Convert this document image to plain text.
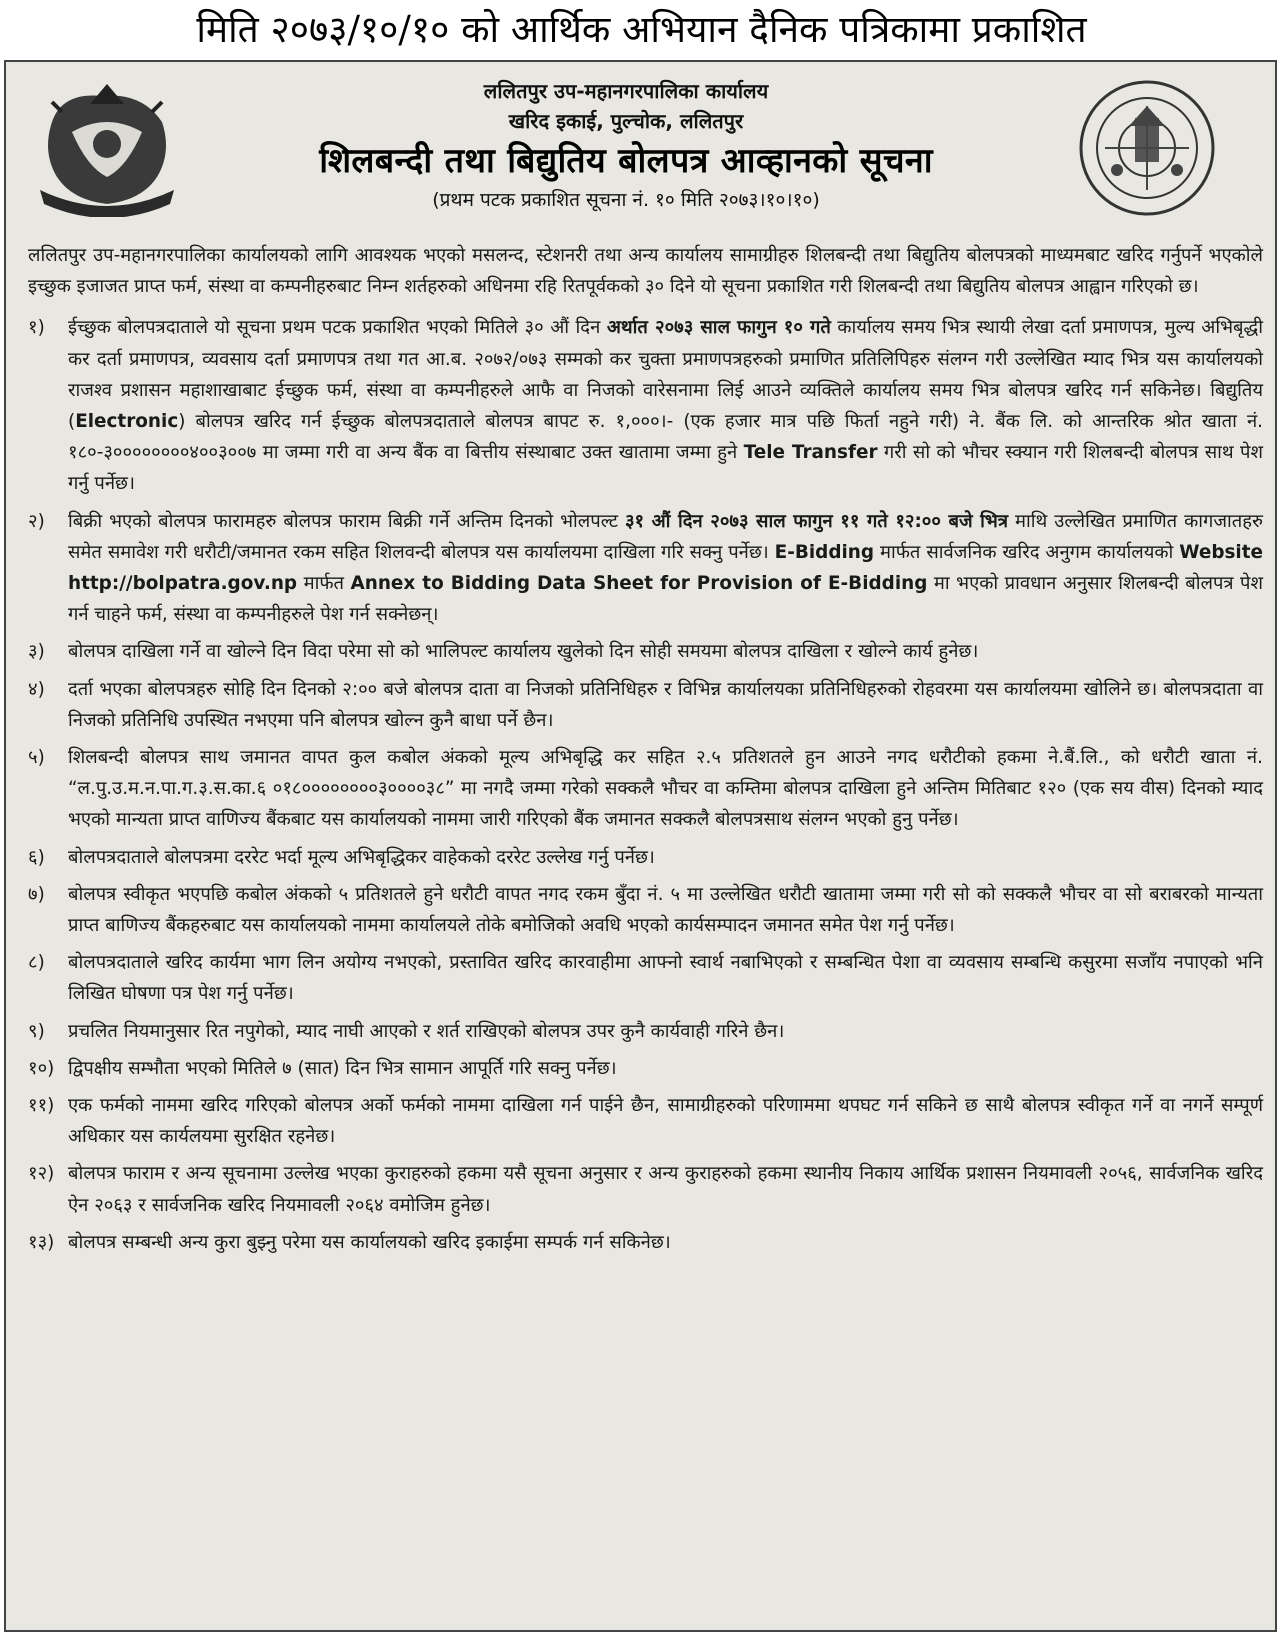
मिति २०७३/१०/१० को आर्थिक अभियान दैनिक पत्रिकामा प्रकाशित
ललितपुर उप-महानगरपालिका कार्यालय
खरिद इकाई, पुल्चोक, ललितपुर
शिलबन्दी तथा बिद्युतिय बोलपत्र आव्हानको सूचना
(प्रथम पटक प्रकाशित सूचना नं. १० मिति २०७३।१०।१०)

ललितपुर उप-महानगरपालिका कार्यालयको लागि आवश्यक भएको मसलन्द, स्टेशनरी तथा अन्य कार्यालय सामाग्रीहरु शिलबन्दी तथा बिद्युतिय बोलपत्रको माध्यमबाट खरिद गर्नुपर्ने भएकोले इच्छुक इजाजत प्राप्त फर्म, संस्था वा कम्पनीहरुबाट निम्न शर्तहरुको अधिनमा रहि रितपूर्वकको ३० दिने यो सूचना प्रकाशित गरी शिलबन्दी तथा बिद्युतिय बोलपत्र आह्वान गरिएको छ।

१)	ईच्छुक बोलपत्रदाताले यो सूचना प्रथम पटक प्रकाशित भएको मितिले ३० औं दिन अर्थात २०७३ साल फागुन १० गते कार्यालय समय भित्र स्थायी लेखा दर्ता प्रमाणपत्र, मुल्य अभिबृद्धी कर दर्ता प्रमाणपत्र, व्यवसाय दर्ता प्रमाणपत्र तथा गत आ.ब. २०७२/०७३ सम्मको कर चुक्ता प्रमाणपत्रहरुको प्रमाणित प्रतिलिपिहरु संलग्न गरी उल्लेखित म्याद भित्र यस कार्यालयको राजश्व प्रशासन महाशाखाबाट ईच्छुक फर्म, संस्था वा कम्पनीहरुले आफै वा निजको वारेसनामा लिई आउने व्यक्तिले कार्यालय समय भित्र बोलपत्र खरिद गर्न सकिनेछ। बिद्युतिय (Electronic) बोलपत्र खरिद गर्न ईच्छुक बोलपत्रदाताले बोलपत्र बापट रु. १,०००।- (एक हजार मात्र पछि फिर्ता नहुने गरी) ने. बैंक लि. को आन्तरिक श्रोत खाता नं. १८०-३००००००००४००३००७ मा जम्मा गरी वा अन्य बैंक वा बित्तीय संस्थाबाट उक्त खातामा जम्मा हुने Tele Transfer गरी सो को भौचर स्क्यान गरी शिलबन्दी बोलपत्र साथ पेश गर्नु पर्नेछ।
२)	बिक्री भएको बोलपत्र फारामहरु बोलपत्र फाराम बिक्री गर्ने अन्तिम दिनको भोलपल्ट ३१ औं दिन २०७३ साल फागुन ११ गते १२:०० बजे भित्र माथि उल्लेखित प्रमाणित कागजातहरु समेत समावेश गरी धरौटी/जमानत रकम सहित शिलवन्दी बोलपत्र यस कार्यालयमा दाखिला गरि सक्नु पर्नेछ। E-Bidding मार्फत सार्वजनिक खरिद अनुगम कार्यालयको Website http://bolpatra.gov.np मार्फत Annex to Bidding Data Sheet for Provision of E-Bidding मा भएको प्रावधान अनुसार शिलबन्दी बोलपत्र पेश गर्न चाहने फर्म, संस्था वा कम्पनीहरुले पेश गर्न सक्नेछन्।
३)	बोलपत्र दाखिला गर्ने वा खोल्ने दिन विदा परेमा सो को भालिपल्ट कार्यालय खुलेको दिन सोही समयमा बोलपत्र दाखिला र खोल्ने कार्य हुनेछ।
४)	दर्ता भएका बोलपत्रहरु सोहि दिन दिनको २:०० बजे बोलपत्र दाता वा निजको प्रतिनिधिहरु र विभिन्न कार्यालयका प्रतिनिधिहरुको रोहवरमा यस कार्यालयमा खोलिने छ। बोलपत्रदाता वा निजको प्रतिनिधि उपस्थित नभएमा पनि बोलपत्र खोल्न कुनै बाधा पर्ने छैन।
५)	शिलबन्दी बोलपत्र साथ जमानत वापत कुल कबोल अंकको मूल्य अभिबृद्धि कर सहित २.५ प्रतिशतले हुन आउने नगद धरौटीको हकमा ने.बैं.लि., को धरौटी खाता नं. “ल.पु.उ.म.न.पा.ग.३.स.का.६ ०१८००००००००३००००३८” मा नगदै जम्मा गरेको सक्कलै भौचर वा कम्तिमा बोलपत्र दाखिला हुने अन्तिम मितिबाट १२० (एक सय वीस) दिनको म्याद भएको मान्यता प्राप्त वाणिज्य बैंकबाट यस कार्यालयको नाममा जारी गरिएको बैंक जमानत सक्कलै बोलपत्रसाथ संलग्न भएको हुनु पर्नेछ।
६)	बोलपत्रदाताले बोलपत्रमा दररेट भर्दा मूल्य अभिबृद्धिकर वाहेकको दररेट उल्लेख गर्नु पर्नेछ।
७)	बोलपत्र स्वीकृत भएपछि कबोल अंकको ५ प्रतिशतले हुने धरौटी वापत नगद रकम बुँदा नं. ५ मा उल्लेखित धरौटी खातामा जम्मा गरी सो को सक्कलै भौचर वा सो बराबरको मान्यता प्राप्त बाणिज्य बैंकहरुबाट यस कार्यालयको नाममा कार्यालयले तोके बमोजिको अवधि भएको कार्यसम्पादन जमानत समेत पेश गर्नु पर्नेछ।
८)	बोलपत्रदाताले खरिद कार्यमा भाग लिन अयोग्य नभएको, प्रस्तावित खरिद कारवाहीमा आफ्नो स्वार्थ नबाभिएको र सम्बन्धित पेशा वा व्यवसाय सम्बन्धि कसुरमा सजाँय नपाएको भनि लिखित घोषणा पत्र पेश गर्नु पर्नेछ।
९)	प्रचलित नियमानुसार रित नपुगेको, म्याद नाघी आएको र शर्त राखिएको बोलपत्र उपर कुनै कार्यवाही गरिने छैन।
१०) द्विपक्षीय सम्भौता भएको मितिले ७ (सात) दिन भित्र सामान आपूर्ति गरि सक्नु पर्नेछ।
११) एक फर्मको नाममा खरिद गरिएको बोलपत्र अर्को फर्मको नाममा दाखिला गर्न पाईने छैन, सामाग्रीहरुको परिणाममा थपघट गर्न सकिने छ साथै बोलपत्र स्वीकृत गर्ने वा नगर्ने सम्पूर्ण अधिकार यस कार्यलयमा सुरक्षित रहनेछ।
१२) बोलपत्र फाराम र अन्य सूचनामा उल्लेख भएका कुराहरुको हकमा यसै सूचना अनुसार र अन्य कुराहरुको हकमा स्थानीय निकाय आर्थिक प्रशासन नियमावली २०५६, सार्वजनिक खरिद ऐन २०६३ र सार्वजनिक खरिद नियमावली २०६४ वमोजिम हुनेछ।
१३) बोलपत्र सम्बन्धी अन्य कुरा बुझ्नु परेमा यस कार्यालयको खरिद इकाईमा सम्पर्क गर्न सकिनेछ।
